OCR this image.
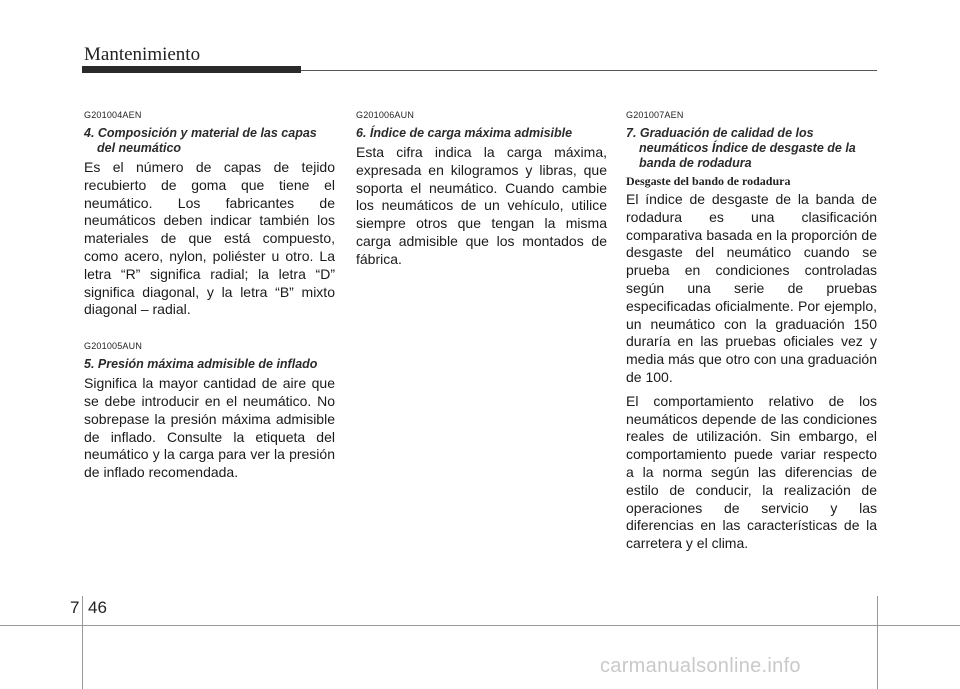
Mantenimiento
G201004AEN
4. Composición y material de las capas del neumático

Es el número de capas de tejido recubierto de goma que tiene el neumático. Los fabricantes de neumáticos deben indicar también los materiales de que está compuesto, como acero, nylon, poliéster u otro. La letra “R” significa radial; la letra “D” significa diagonal, y la letra “B” mixto diagonal – radial.

G201005AUN
5. Presión máxima admisible de inflado

Significa la mayor cantidad de aire que se debe introducir en el neumático. No sobrepase la presión máxima admisible de inflado. Consulte la etiqueta del neumático y la carga para ver la presión de inflado recomendada.

G201006AUN
6. Índice de carga máxima admisible

Esta cifra indica la carga máxima, expresada en kilogramos y libras, que soporta el neumático. Cuando cambie los neumáticos de un vehículo, utilice siempre otros que tengan la misma carga admisible que los montados de fábrica.

G201007AEN
7. Graduación de calidad de los neumáticos Índice de desgaste de la banda de rodadura
Desgaste del bando de rodadura

El índice de desgaste de la banda de rodadura es una clasificación comparativa basada en la proporción de desgaste del neumático cuando se prueba en condiciones controladas según una serie de pruebas especificadas oficialmente. Por ejemplo, un neumático con la graduación 150 duraría en las pruebas oficiales vez y media más que otro con una graduación de 100.

El comportamiento relativo de los neumáticos depende de las condiciones reales de utilización. Sin embargo, el comportamiento puede variar respecto a la norma según las diferencias de estilo de conducir, la realización de operaciones de servicio y las diferencias en las características de la carretera y el clima.

7 46
carmanualsonline.info
